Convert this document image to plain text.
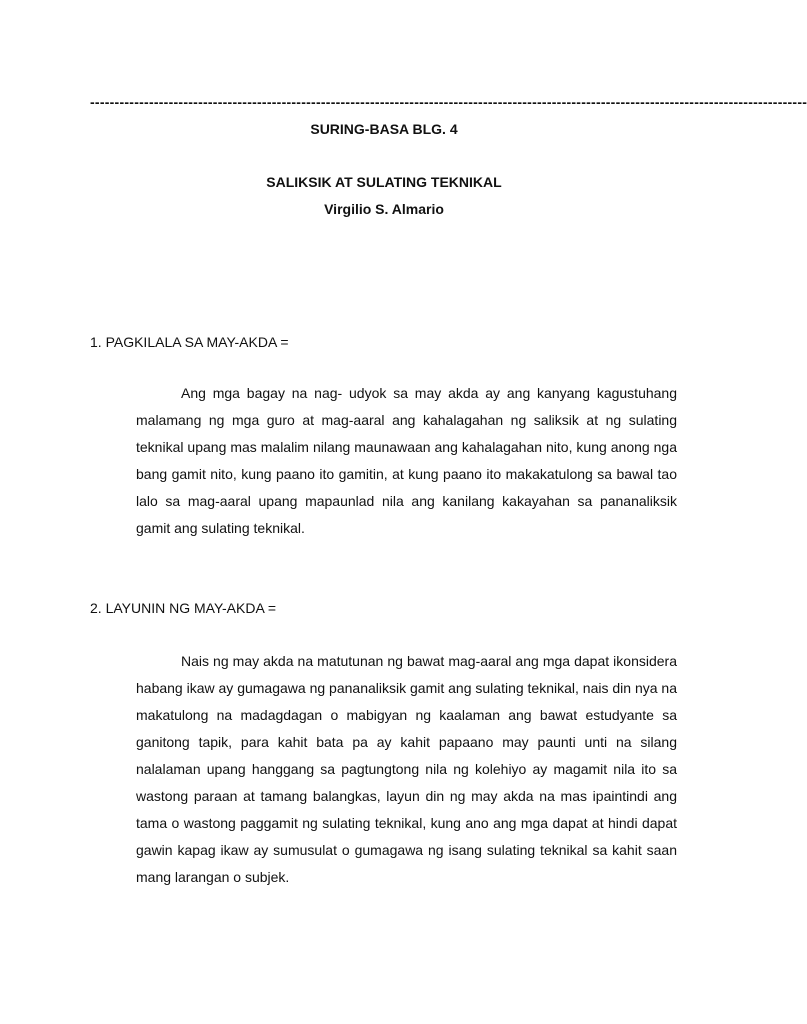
--------------------------------------------------------------------------------------------------------------------------------------------------
SURING-BASA BLG. 4
SALIKSIK AT SULATING TEKNIKAL
Virgilio S. Almario
1. PAGKILALA SA MAY-AKDA =

Ang mga bagay na nag- udyok sa may akda ay ang kanyang kagustuhang malamang ng mga guro at mag-aaral ang kahalagahan ng saliksik at ng sulating teknikal upang mas malalim nilang maunawaan ang kahalagahan nito, kung anong nga bang gamit nito, kung paano ito gamitin, at kung paano ito makakatulong sa bawal tao lalo sa mag-aaral upang mapaunlad nila ang kanilang kakayahan sa pananaliksik gamit ang sulating teknikal.

2. LAYUNIN NG MAY-AKDA =

Nais ng may akda na matutunan ng bawat mag-aaral ang mga dapat ikonsidera habang ikaw ay gumagawa ng pananaliksik gamit ang sulating teknikal, nais din nya na makatulong na madagdagan o mabigyan ng kaalaman ang bawat estudyante sa ganitong tapik, para kahit bata pa ay kahit papaano may paunti unti na silang nalalaman upang hanggang sa pagtungtong nila ng kolehiyo ay magamit nila ito sa wastong paraan at tamang balangkas, layun din ng may akda na mas ipaintindi ang tama o wastong paggamit ng sulating teknikal, kung ano ang mga dapat at hindi dapat gawin kapag ikaw ay sumusulat o gumagawa ng isang sulating teknikal sa kahit saan mang larangan o subjek.
